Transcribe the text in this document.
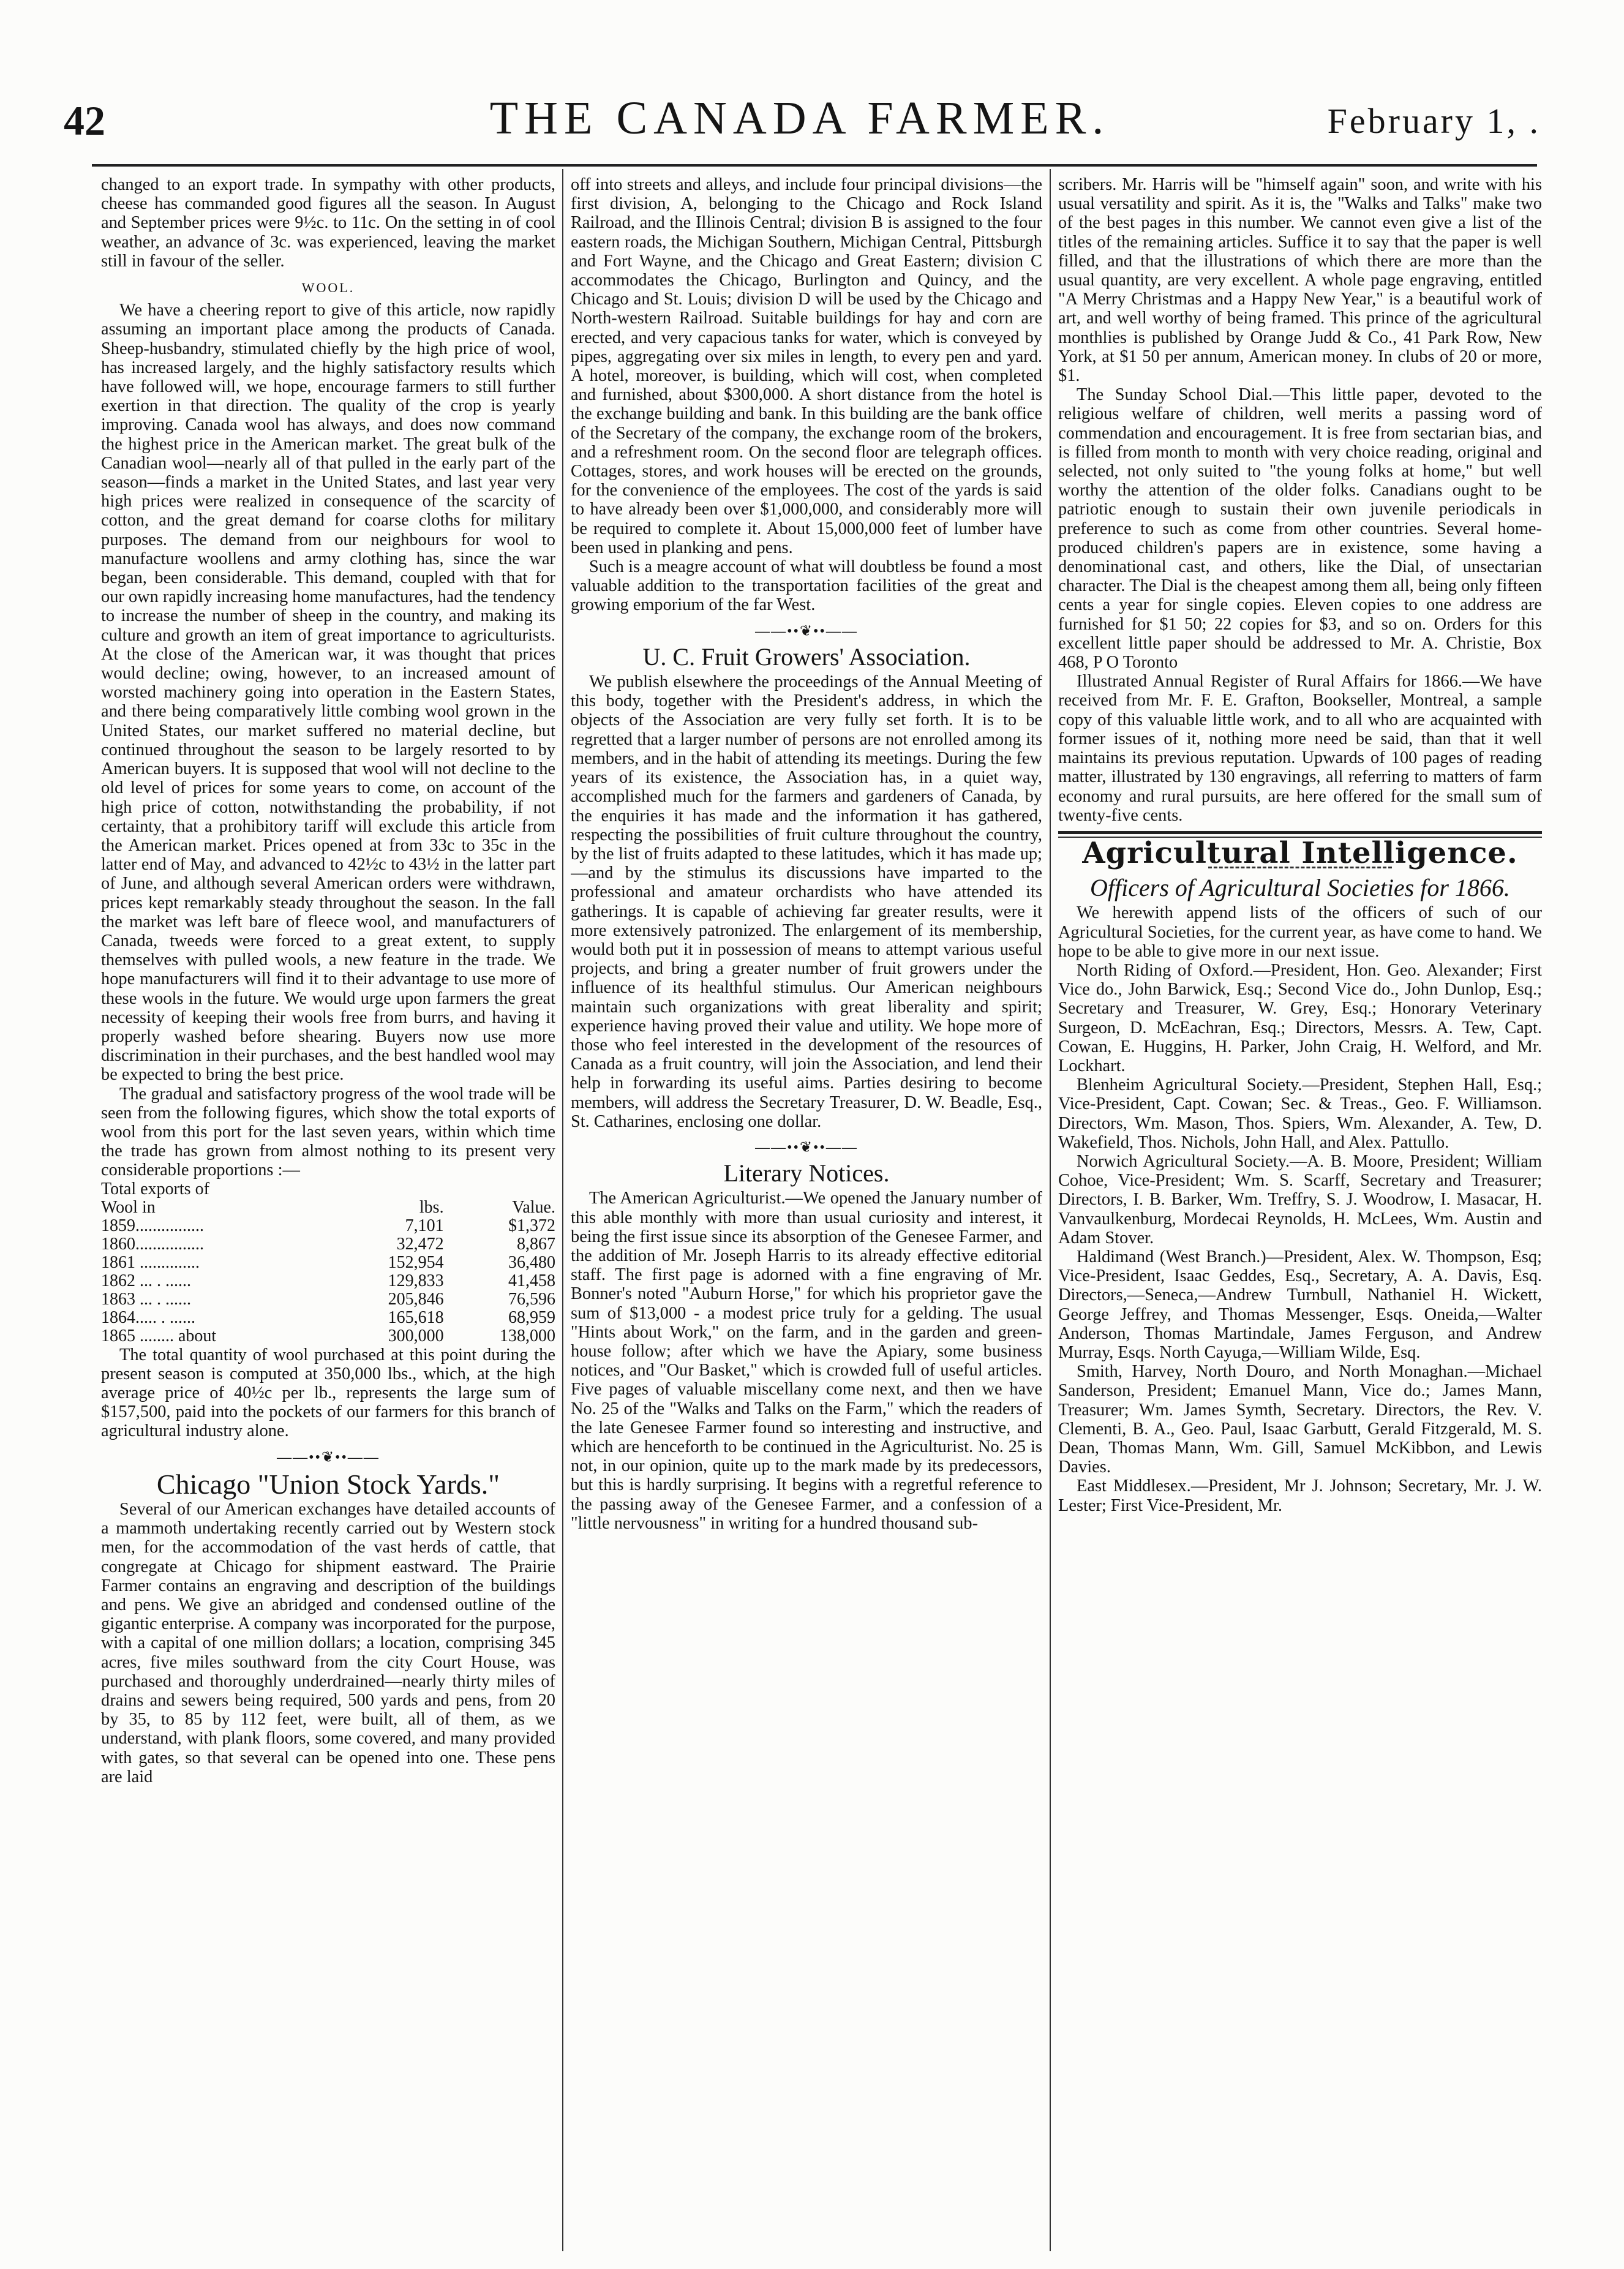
42	THE CANADA FARMER.	February 1, .

changed to an export trade. In sympathy with other products, cheese has commanded good figures all the season. In August and September prices were 9½c. to 11c. On the setting in of cool weather, an advance of 3c. was experienced, leaving the market still in favour of the seller.

WOOL.

We have a cheering report to give of this article, now rapidly assuming an important place among the products of Canada. Sheep-husbandry, stimulated chiefly by the high price of wool, has increased largely, and the highly satisfactory results which have followed will, we hope, encourage farmers to still further exertion in that direction. The quality of the crop is yearly improving. Canada wool has always, and does now command the highest price in the American market. The great bulk of the Canadian wool—nearly all of that pulled in the early part of the season—finds a market in the United States, and last year very high prices were realized in consequence of the scarcity of cotton, and the great demand for coarse cloths for military purposes. The demand from our neighbours for wool to manufacture woollens and army clothing has, since the war began, been considerable. This demand, coupled with that for our own rapidly increasing home manufactures, had the tendency to increase the number of sheep in the country, and making its culture and growth an item of great importance to agriculturists. At the close of the American war, it was thought that prices would decline; owing, however, to an increased amount of worsted machinery going into operation in the Eastern States, and there being comparatively little combing wool grown in the United States, our market suffered no material decline, but continued throughout the season to be largely resorted to by American buyers. It is supposed that wool will not decline to the old level of prices for some years to come, on account of the high price of cotton, notwithstanding the probability, if not certainty, that a prohibitory tariff will exclude this article from the American market. Prices opened at from 33c to 35c in the latter end of May, and advanced to 42½c to 43½ in the latter part of June, and although several American orders were withdrawn, prices kept remarkably steady throughout the season. In the fall the market was left bare of fleece wool, and manufacturers of Canada, tweeds were forced to a great extent, to supply themselves with pulled wools, a new feature in the trade. We hope manufacturers will find it to their advantage to use more of these wools in the future. We would urge upon farmers the great necessity of keeping their wools free from burrs, and having it properly washed before shearing. Buyers now use more discrimination in their purchases, and the best handled wool may be expected to bring the best price.

The gradual and satisfactory progress of the wool trade will be seen from the following figures, which show the total exports of wool from this port for the last seven years, within which time the trade has grown from almost nothing to its present very considerable proportions :—

Total exports of		
Wool in	lbs.	Value.
1859................	7,101	$1,372
1860................	32,472	8,867
1861 ..............	152,954	36,480
1862 ... . ......	129,833	41,458
1863 ... . ......	205,846	76,596
1864..... . ......	165,618	68,959
1865 ........ about	300,000	138,000

The total quantity of wool purchased at this point during the present season is computed at 350,000 lbs., which, at the high average price of 40½c per lb., represents the large sum of $157,500, paid into the pockets of our farmers for this branch of agricultural industry alone.

——••❦••——
Chicago "Union Stock Yards."

Several of our American exchanges have detailed accounts of a mammoth undertaking recently carried out by Western stock men, for the accommodation of the vast herds of cattle, that congregate at Chicago for shipment eastward. The Prairie Farmer contains an engraving and description of the buildings and pens. We give an abridged and condensed outline of the gigantic enterprise. A company was incorporated for the purpose, with a capital of one million dollars; a location, comprising 345 acres, five miles southward from the city Court House, was purchased and thoroughly underdrained—nearly thirty miles of drains and sewers being required, 500 yards and pens, from 20 by 35, to 85 by 112 feet, were built, all of them, as we understand, with plank floors, some covered, and many provided with gates, so that several can be opened into one. These pens are laid

off into streets and alleys, and include four principal divisions—the first division, A, belonging to the Chicago and Rock Island Railroad, and the Illinois Central; division B is assigned to the four eastern roads, the Michigan Southern, Michigan Central, Pittsburgh and Fort Wayne, and the Chicago and Great Eastern; division C accommodates the Chicago, Burlington and Quincy, and the Chicago and St. Louis; division D will be used by the Chicago and North-western Railroad. Suitable buildings for hay and corn are erected, and very capacious tanks for water, which is conveyed by pipes, aggregating over six miles in length, to every pen and yard. A hotel, moreover, is building, which will cost, when completed and furnished, about $300,000. A short distance from the hotel is the exchange building and bank. In this building are the bank office of the Secretary of the company, the exchange room of the brokers, and a refreshment room. On the second floor are telegraph offices. Cottages, stores, and work houses will be erected on the grounds, for the convenience of the employees. The cost of the yards is said to have already been over $1,000,000, and considerably more will be required to complete it. About 15,000,000 feet of lumber have been used in planking and pens.

Such is a meagre account of what will doubtless be found a most valuable addition to the transportation facilities of the great and growing emporium of the far West.

——••❦••——
U. C. Fruit Growers' Association.

We publish elsewhere the proceedings of the Annual Meeting of this body, together with the President's address, in which the objects of the Association are very fully set forth. It is to be regretted that a larger number of persons are not enrolled among its members, and in the habit of attending its meetings. During the few years of its existence, the Association has, in a quiet way, accomplished much for the farmers and gardeners of Canada, by the enquiries it has made and the information it has gathered, respecting the possibilities of fruit culture throughout the country, by the list of fruits adapted to these latitudes, which it has made up;—and by the stimulus its discussions have imparted to the professional and amateur orchardists who have attended its gatherings. It is capable of achieving far greater results, were it more extensively patronized. The enlargement of its membership, would both put it in possession of means to attempt various useful projects, and bring a greater number of fruit growers under the influence of its healthful stimulus. Our American neighbours maintain such organizations with great liberality and spirit; experience having proved their value and utility. We hope more of those who feel interested in the development of the resources of Canada as a fruit country, will join the Association, and lend their help in forwarding its useful aims. Parties desiring to become members, will address the Secretary Treasurer, D. W. Beadle, Esq., St. Catharines, enclosing one dollar.

——••❦••——
Literary Notices.

The American Agriculturist.—We opened the January number of this able monthly with more than usual curiosity and interest, it being the first issue since its absorption of the Genesee Farmer, and the addition of Mr. Joseph Harris to its already effective editorial staff. The first page is adorned with a fine engraving of Mr. Bonner's noted "Auburn Horse," for which his proprietor gave the sum of $13,000 - a modest price truly for a gelding. The usual "Hints about Work," on the farm, and in the garden and green-house follow; after which we have the Apiary, some business notices, and "Our Basket," which is crowded full of useful articles. Five pages of valuable miscellany come next, and then we have No. 25 of the "Walks and Talks on the Farm," which the readers of the late Genesee Farmer found so interesting and instructive, and which are henceforth to be continued in the Agriculturist. No. 25 is not, in our opinion, quite up to the mark made by its predecessors, but this is hardly surprising. It begins with a regretful reference to the passing away of the Genesee Farmer, and a confession of a "little nervousness" in writing for a hundred thousand sub-

scribers. Mr. Harris will be "himself again" soon, and write with his usual versatility and spirit. As it is, the "Walks and Talks" make two of the best pages in this number. We cannot even give a list of the titles of the remaining articles. Suffice it to say that the paper is well filled, and that the illustrations of which there are more than the usual quantity, are very excellent. A whole page engraving, entitled "A Merry Christmas and a Happy New Year," is a beautiful work of art, and well worthy of being framed. This prince of the agricultural monthlies is published by Orange Judd & Co., 41 Park Row, New York, at $1 50 per annum, American money. In clubs of 20 or more, $1.

The Sunday School Dial.—This little paper, devoted to the religious welfare of children, well merits a passing word of commendation and encouragement. It is free from sectarian bias, and is filled from month to month with very choice reading, original and selected, not only suited to "the young folks at home," but well worthy the attention of the older folks. Canadians ought to be patriotic enough to sustain their own juvenile periodicals in preference to such as come from other countries. Several home-produced children's papers are in existence, some having a denominational cast, and others, like the Dial, of unsectarian character. The Dial is the cheapest among them all, being only fifteen cents a year for single copies. Eleven copies to one address are furnished for $1 50; 22 copies for $3, and so on. Orders for this excellent little paper should be addressed to Mr. A. Christie, Box 468, P O Toronto

Illustrated Annual Register of Rural Affairs for 1866.—We have received from Mr. F. E. Grafton, Bookseller, Montreal, a sample copy of this valuable little work, and to all who are acquainted with former issues of it, nothing more need be said, than that it well maintains its previous reputation. Upwards of 100 pages of reading matter, illustrated by 130 engravings, all referring to matters of farm economy and rural pursuits, are here offered for the small sum of twenty-five cents.

Agricultural Intelligence.
Officers of Agricultural Societies for 1866.

We herewith append lists of the officers of such of our Agricultural Societies, for the current year, as have come to hand. We hope to be able to give more in our next issue.

North Riding of Oxford.—President, Hon. Geo. Alexander; First Vice do., John Barwick, Esq.; Second Vice do., John Dunlop, Esq.; Secretary and Treasurer, W. Grey, Esq.; Honorary Veterinary Surgeon, D. McEachran, Esq.; Directors, Messrs. A. Tew, Capt. Cowan, E. Huggins, H. Parker, John Craig, H. Welford, and Mr. Lockhart.

Blenheim Agricultural Society.—President, Stephen Hall, Esq.; Vice-President, Capt. Cowan; Sec. & Treas., Geo. F. Williamson. Directors, Wm. Mason, Thos. Spiers, Wm. Alexander, A. Tew, D. Wakefield, Thos. Nichols, John Hall, and Alex. Pattullo.

Norwich Agricultural Society.—A. B. Moore, President; William Cohoe, Vice-President; Wm. S. Scarff, Secretary and Treasurer; Directors, I. B. Barker, Wm. Treffry, S. J. Woodrow, I. Masacar, H. Vanvaulkenburg, Mordecai Reynolds, H. McLees, Wm. Austin and Adam Stover.

Haldimand (West Branch.)—President, Alex. W. Thompson, Esq; Vice-President, Isaac Geddes, Esq., Secretary, A. A. Davis, Esq. Directors,—Seneca,—Andrew Turnbull, Nathaniel H. Wickett, George Jeffrey, and Thomas Messenger, Esqs. Oneida,—Walter Anderson, Thomas Martindale, James Ferguson, and Andrew Murray, Esqs. North Cayuga,—William Wilde, Esq.

Smith, Harvey, North Douro, and North Monaghan.—Michael Sanderson, President; Emanuel Mann, Vice do.; James Mann, Treasurer; Wm. James Symth, Secretary. Directors, the Rev. V. Clementi, B. A., Geo. Paul, Isaac Garbutt, Gerald Fitzgerald, M. S. Dean, Thomas Mann, Wm. Gill, Samuel McKibbon, and Lewis Davies.

East Middlesex.—President, Mr J. Johnson; Secretary, Mr. J. W. Lester; First Vice-President, Mr.
